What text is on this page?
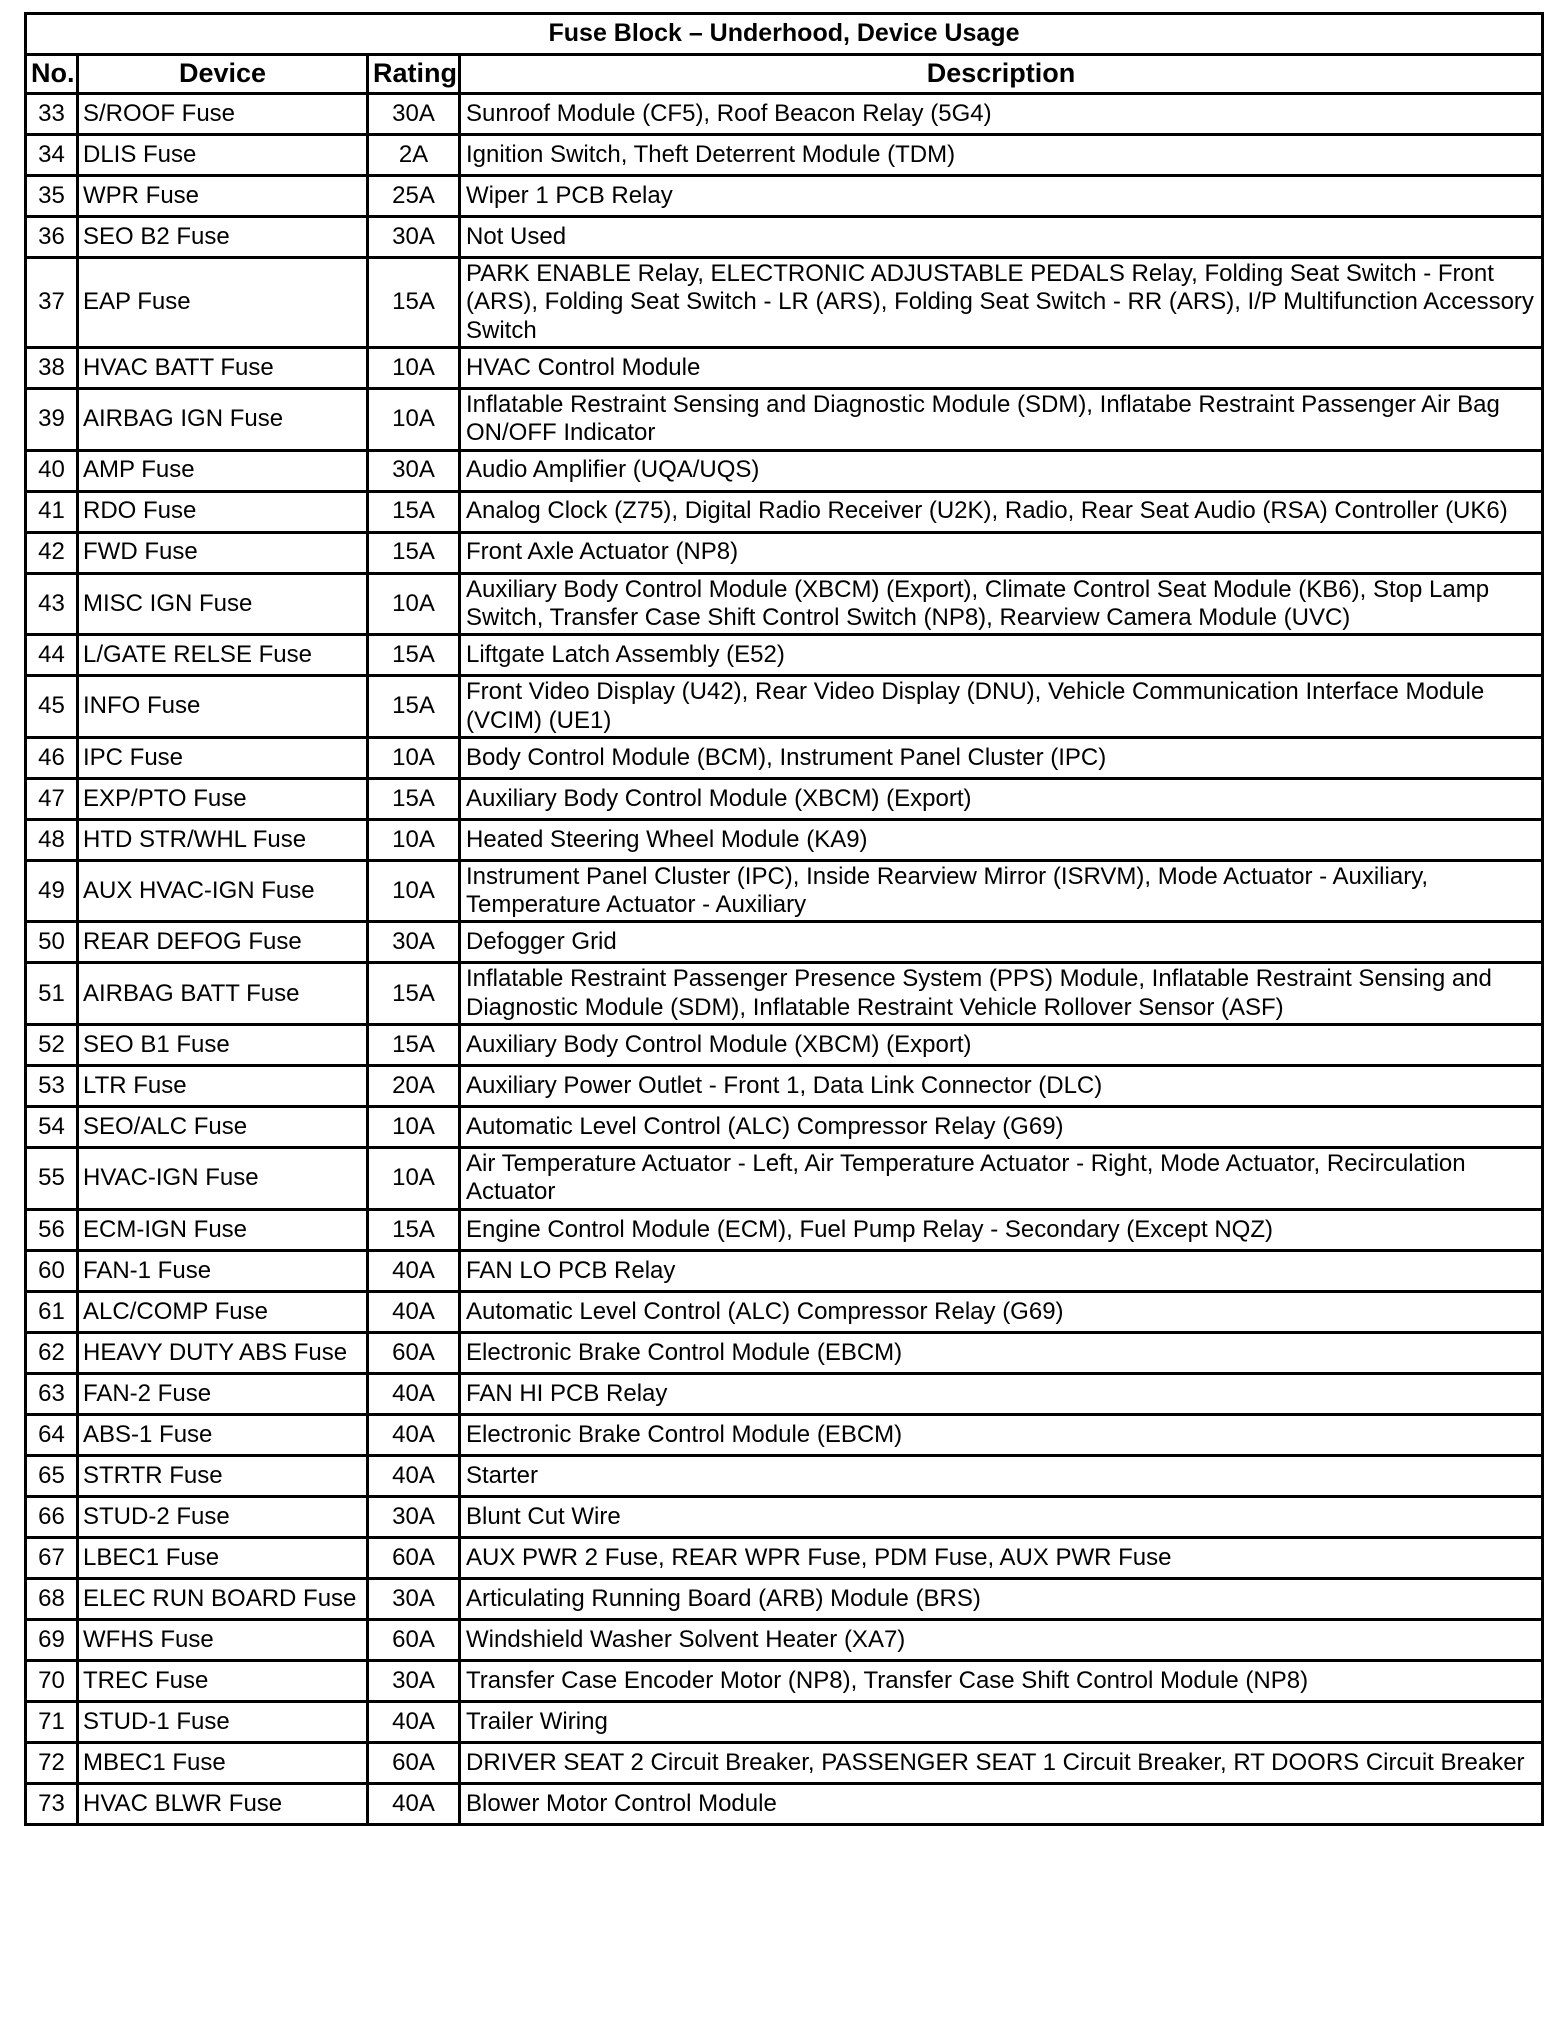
Fuse Block – Underhood, Device Usage			
No.	Device	Rating	Description
33	S/ROOF Fuse	30A	Sunroof Module (CF5), Roof Beacon Relay (5G4)
34	DLIS Fuse	2A	Ignition Switch, Theft Deterrent Module (TDM)
35	WPR Fuse	25A	Wiper 1 PCB Relay
36	SEO B2 Fuse	30A	Not Used
37	EAP Fuse	15A	PARK ENABLE Relay, ELECTRONIC ADJUSTABLE PEDALS Relay, Folding Seat Switch - Front (ARS), Folding Seat Switch - LR (ARS), Folding Seat Switch - RR (ARS), I/P Multifunction Accessory Switch
38	HVAC BATT Fuse	10A	HVAC Control Module
39	AIRBAG IGN Fuse	10A	Inflatable Restraint Sensing and Diagnostic Module (SDM), Inflatabe Restraint Passenger Air Bag ON/OFF Indicator
40	AMP Fuse	30A	Audio Amplifier (UQA/UQS)
41	RDO Fuse	15A	Analog Clock (Z75), Digital Radio Receiver (U2K), Radio, Rear Seat Audio (RSA) Controller (UK6)
42	FWD Fuse	15A	Front Axle Actuator (NP8)
43	MISC IGN Fuse	10A	Auxiliary Body Control Module (XBCM) (Export), Climate Control Seat Module (KB6), Stop Lamp Switch, Transfer Case Shift Control Switch (NP8), Rearview Camera Module (UVC)
44	L/GATE RELSE Fuse	15A	Liftgate Latch Assembly (E52)
45	INFO Fuse	15A	Front Video Display (U42), Rear Video Display (DNU), Vehicle Communication Interface Module (VCIM) (UE1)
46	IPC Fuse	10A	Body Control Module (BCM), Instrument Panel Cluster (IPC)
47	EXP/PTO Fuse	15A	Auxiliary Body Control Module (XBCM) (Export)
48	HTD STR/WHL Fuse	10A	Heated Steering Wheel Module (KA9)
49	AUX HVAC-IGN Fuse	10A	Instrument Panel Cluster (IPC), Inside Rearview Mirror (ISRVM), Mode Actuator - Auxiliary, Temperature Actuator - Auxiliary
50	REAR DEFOG Fuse	30A	Defogger Grid
51	AIRBAG BATT Fuse	15A	Inflatable Restraint Passenger Presence System (PPS) Module, Inflatable Restraint Sensing and Diagnostic Module (SDM), Inflatable Restraint Vehicle Rollover Sensor (ASF)
52	SEO B1 Fuse	15A	Auxiliary Body Control Module (XBCM) (Export)
53	LTR Fuse	20A	Auxiliary Power Outlet - Front 1, Data Link Connector (DLC)
54	SEO/ALC Fuse	10A	Automatic Level Control (ALC) Compressor Relay (G69)
55	HVAC-IGN Fuse	10A	Air Temperature Actuator - Left, Air Temperature Actuator - Right, Mode Actuator, Recirculation Actuator
56	ECM-IGN Fuse	15A	Engine Control Module (ECM), Fuel Pump Relay - Secondary (Except NQZ)
60	FAN-1 Fuse	40A	FAN LO PCB Relay
61	ALC/COMP Fuse	40A	Automatic Level Control (ALC) Compressor Relay (G69)
62	HEAVY DUTY ABS Fuse	60A	Electronic Brake Control Module (EBCM)
63	FAN-2 Fuse	40A	FAN HI PCB Relay
64	ABS-1 Fuse	40A	Electronic Brake Control Module (EBCM)
65	STRTR Fuse	40A	Starter
66	STUD-2 Fuse	30A	Blunt Cut Wire
67	LBEC1 Fuse	60A	AUX PWR 2 Fuse, REAR WPR Fuse, PDM Fuse, AUX PWR Fuse
68	ELEC RUN BOARD Fuse	30A	Articulating Running Board (ARB) Module (BRS)
69	WFHS Fuse	60A	Windshield Washer Solvent Heater (XA7)
70	TREC Fuse	30A	Transfer Case Encoder Motor (NP8), Transfer Case Shift Control Module (NP8)
71	STUD-1 Fuse	40A	Trailer Wiring
72	MBEC1 Fuse	60A	DRIVER SEAT 2 Circuit Breaker, PASSENGER SEAT 1 Circuit Breaker, RT DOORS Circuit Breaker
73	HVAC BLWR Fuse	40A	Blower Motor Control Module
